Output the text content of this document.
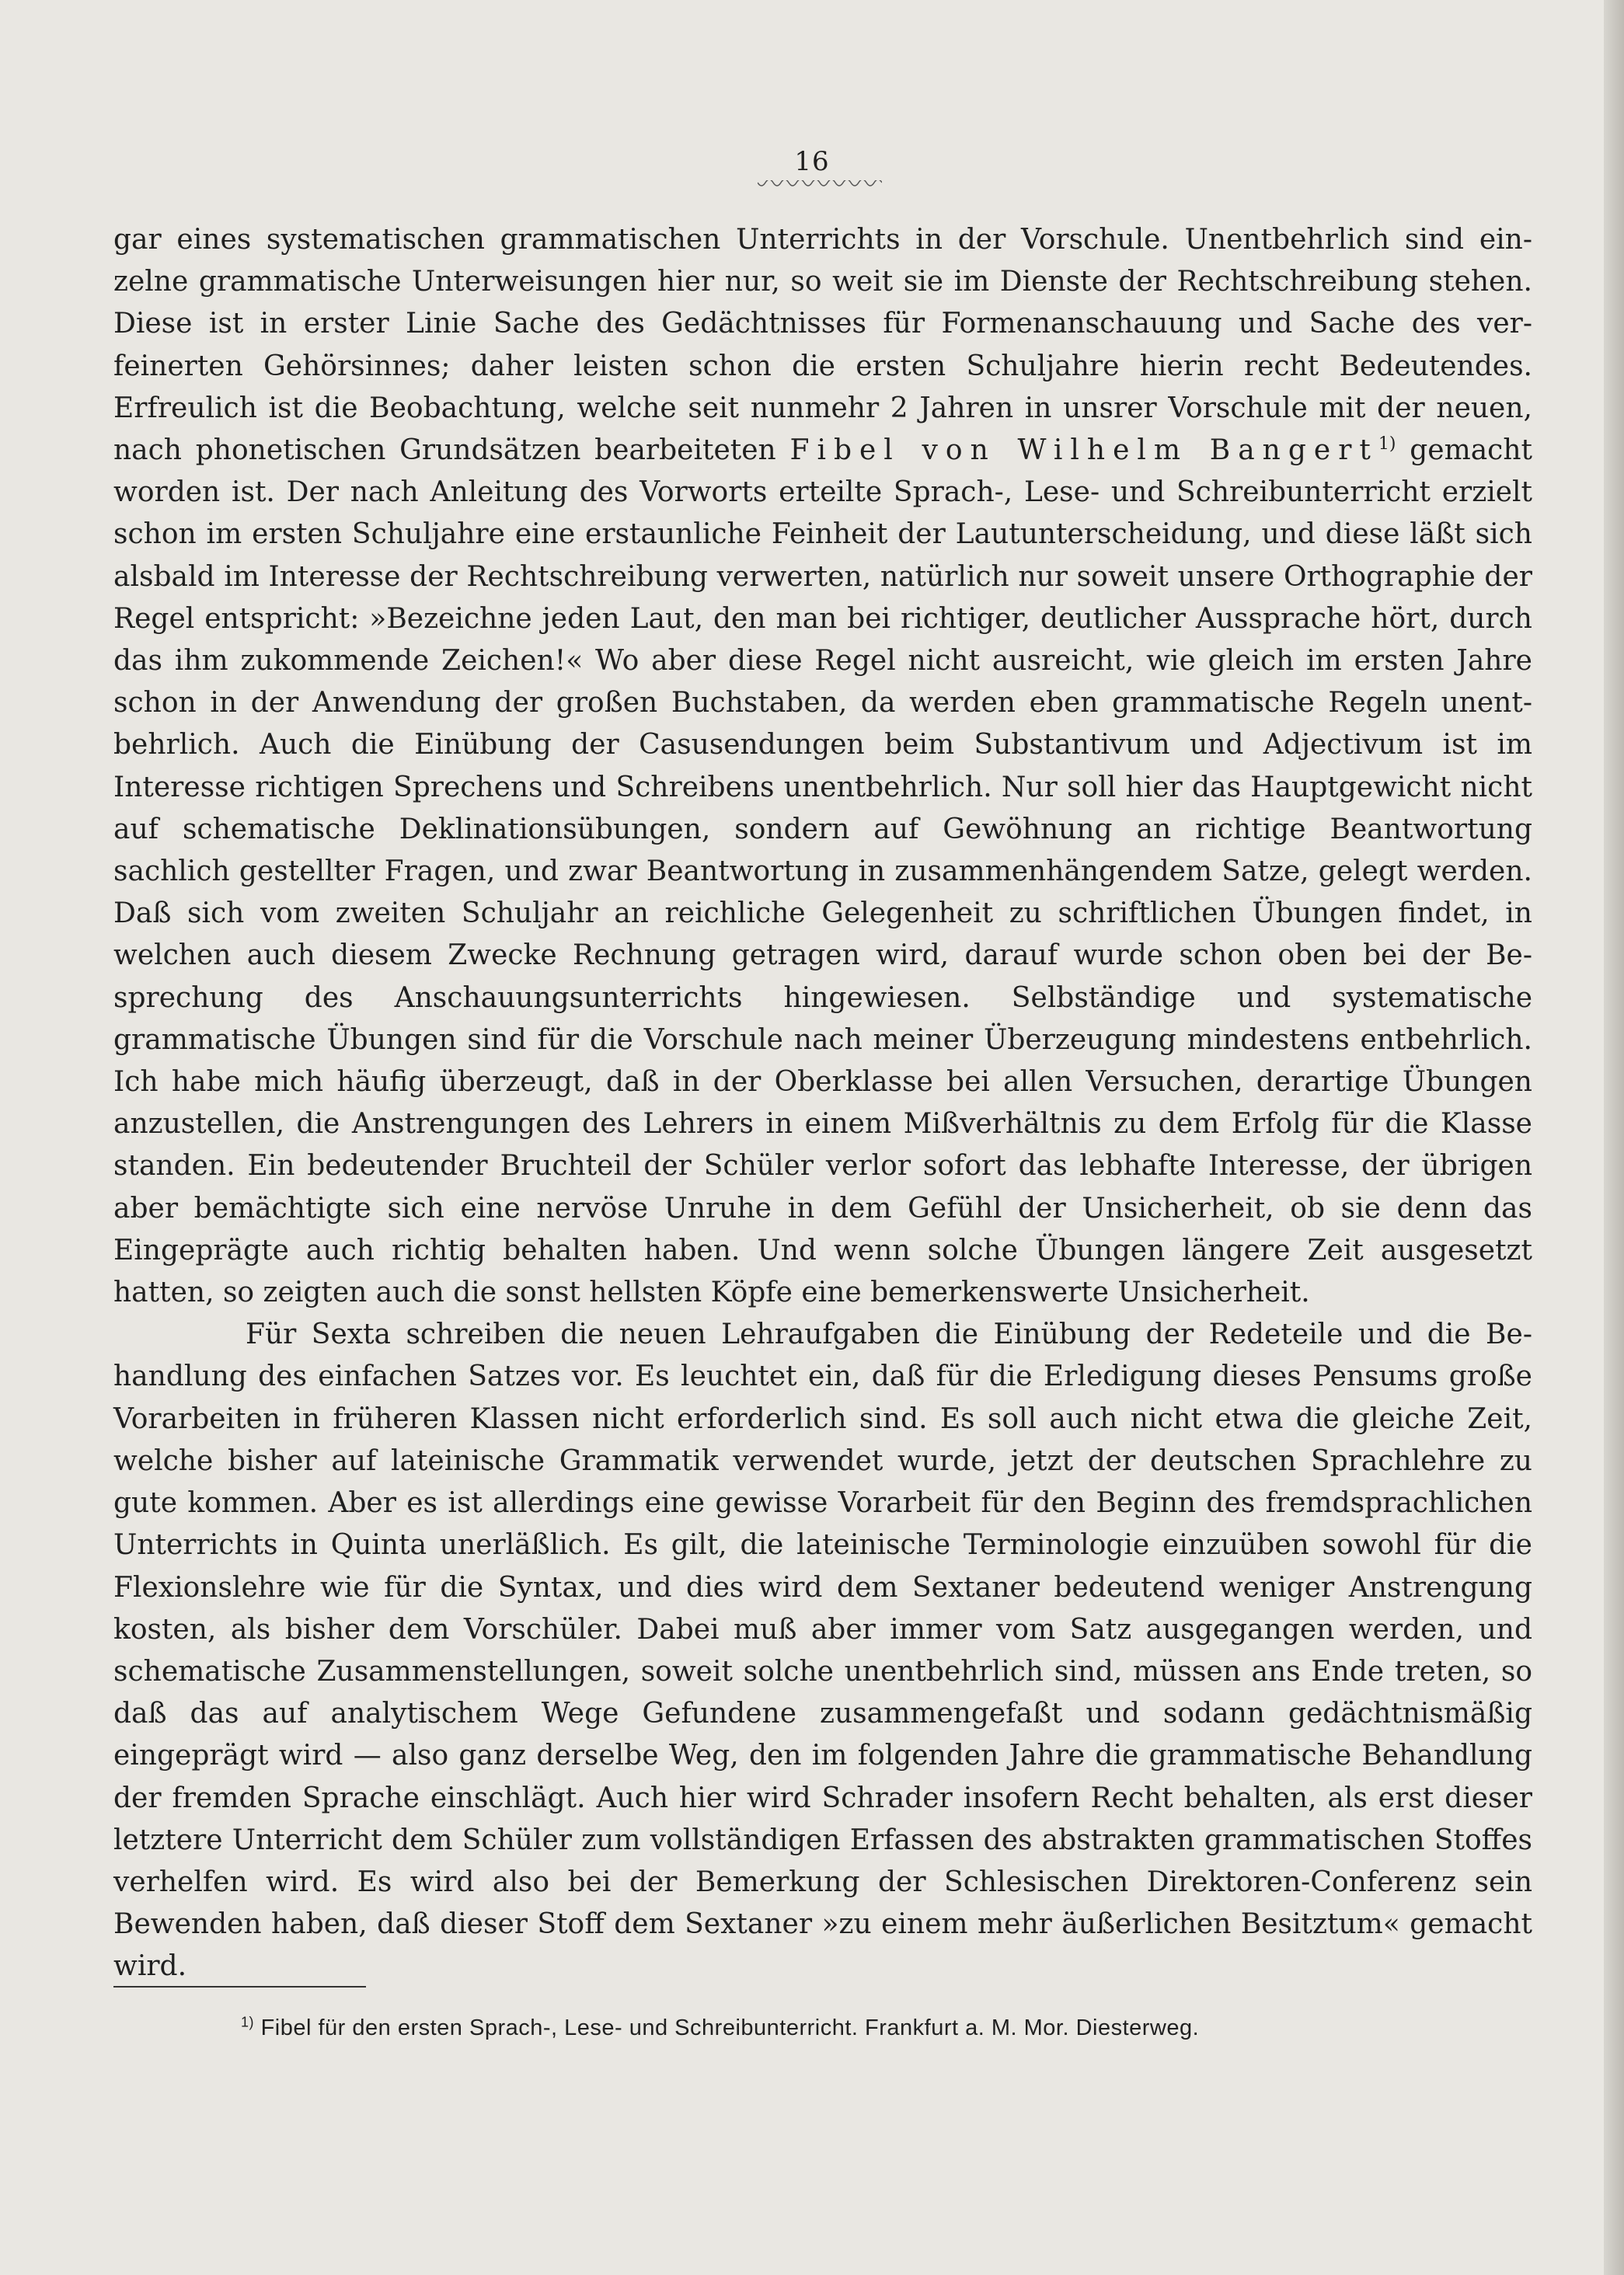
16

gar eines systematischen grammatischen Unterrichts in der Vorschule. Unentbehrlich sind einzelne grammatische Unterweisungen hier nur, so weit sie im Dienste der Rechtschreibung stehen. Diese ist in erster Linie Sache des Gedächtnisses für Formenanschauung und Sache des verfeinerten Gehörsinnes; daher leisten schon die ersten Schuljahre hierin recht Bedeutendes. Erfreulich ist die Beobachtung, welche seit nunmehr 2 Jahren in unsrer Vorschule mit der neuen, nach phonetischen Grundsätzen bearbeiteten Fibel von Wilhelm Bangert$^{1)}$ gemacht worden ist. Der nach Anleitung des Vorworts erteilte Sprach-, Lese- und Schreibunterricht erzielt schon im ersten Schuljahre eine erstaunliche Feinheit der Lautunterscheidung, und diese läßt sich alsbald im Interesse der Rechtschreibung verwerten, natürlich nur soweit unsere Orthographie der Regel entspricht: »Bezeichne jeden Laut, den man bei richtiger, deutlicher Aussprache hört, durch das ihm zukommende Zeichen!« Wo aber diese Regel nicht ausreicht, wie gleich im ersten Jahre schon in der Anwendung der großen Buchstaben, da werden eben grammatische Regeln unentbehrlich. Auch die Einübung der Casusendungen beim Substantivum und Adjectivum ist im Interesse richtigen Sprechens und Schreibens unentbehrlich. Nur soll hier das Hauptgewicht nicht auf schematische Deklinationsübungen, sondern auf Gewöhnung an richtige Beantwortung sachlich gestellter Fragen, und zwar Beantwortung in zusammenhängendem Satze, gelegt werden. Daß sich vom zweiten Schuljahr an reichliche Gelegenheit zu schriftlichen Übungen findet, in welchen auch diesem Zwecke Rechnung getragen wird, darauf wurde schon oben bei der Besprechung des Anschauungsunterrichts hingewiesen. Selbständige und systematische grammatische Übungen sind für die Vorschule nach meiner Überzeugung mindestens entbehrlich. Ich habe mich häufig überzeugt, daß in der Oberklasse bei allen Versuchen, derartige Übungen anzustellen, die Anstrengungen des Lehrers in einem Mißverhältnis zu dem Erfolg für die Klasse standen. Ein bedeutender Bruchteil der Schüler verlor sofort das lebhafte Interesse, der übrigen aber bemächtigte sich eine nervöse Unruhe in dem Gefühl der Unsicherheit, ob sie denn das Eingeprägte auch richtig behalten haben. Und wenn solche Übungen längere Zeit ausgesetzt hatten, so zeigten auch die sonst hellsten Köpfe eine bemerkenswerte Unsicherheit.

Für Sexta schreiben die neuen Lehraufgaben die Einübung der Redeteile und die Behandlung des einfachen Satzes vor. Es leuchtet ein, daß für die Erledigung dieses Pensums große Vorarbeiten in früheren Klassen nicht erforderlich sind. Es soll auch nicht etwa die gleiche Zeit, welche bisher auf lateinische Grammatik verwendet wurde, jetzt der deutschen Sprachlehre zu gute kommen. Aber es ist allerdings eine gewisse Vorarbeit für den Beginn des fremdsprachlichen Unterrichts in Quinta unerläßlich. Es gilt, die lateinische Terminologie einzuüben sowohl für die Flexionslehre wie für die Syntax, und dies wird dem Sextaner bedeutend weniger Anstrengung kosten, als bisher dem Vorschüler. Dabei muß aber immer vom Satz ausgegangen werden, und schematische Zusammenstellungen, soweit solche unentbehrlich sind, müssen ans Ende treten, so daß das auf analytischem Wege Gefundene zusammengefaßt und sodann gedächtnismäßig eingeprägt wird — also ganz derselbe Weg, den im folgenden Jahre die grammatische Behandlung der fremden Sprache einschlägt. Auch hier wird Schrader insofern Recht behalten, als erst dieser letztere Unterricht dem Schüler zum vollständigen Erfassen des abstrakten grammatischen Stoffes verhelfen wird. Es wird also bei der Bemerkung der Schlesischen Direktoren-Conferenz sein Bewenden haben, daß dieser Stoff dem Sextaner »zu einem mehr äußerlichen Besitztum« gemacht wird.

$^{1)}$ Fibel für den ersten Sprach-, Lese- und Schreibunterricht. Frankfurt a. M. Mor. Diesterweg.
